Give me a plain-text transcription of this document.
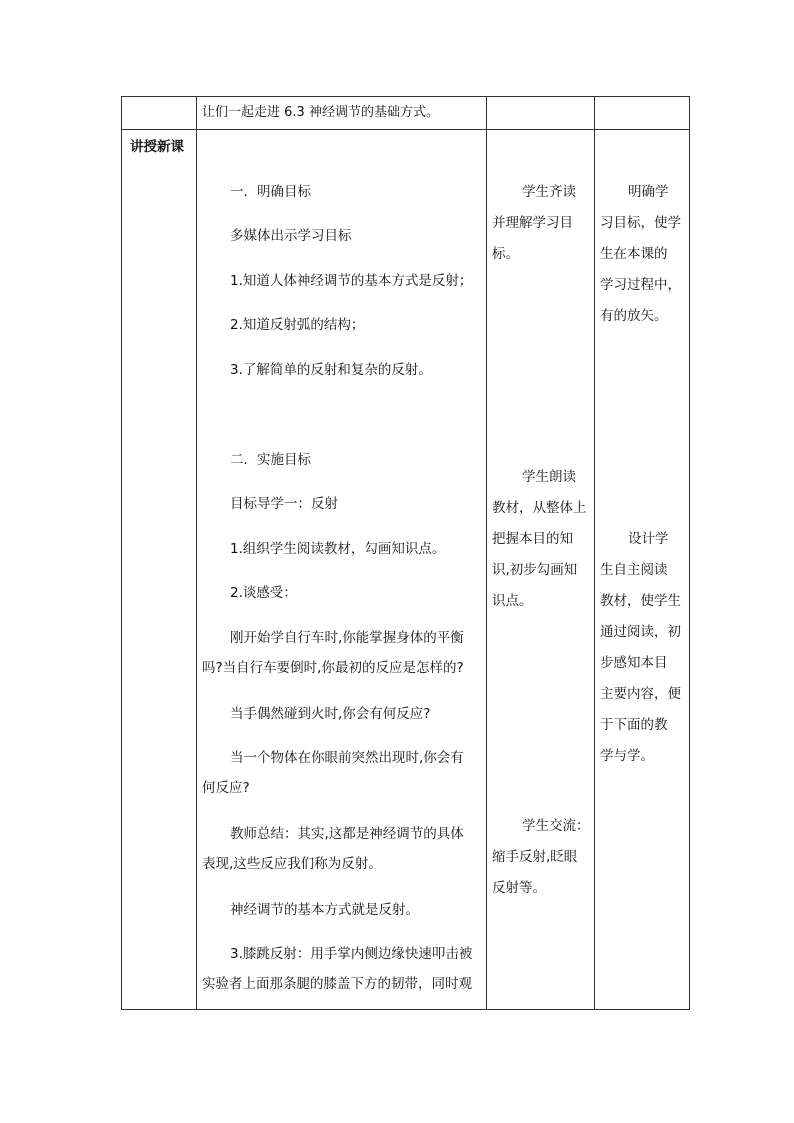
让们一起走进 6.3 神经调节的基础方式。
讲授新课
一．明确目标
多媒体出示学习目标
1.知道人体神经调节的基本方式是反射；
2.知道反射弧的结构；
3.了解简单的反射和复杂的反射。
二．实施目标
目标导学一：反射
1.组织学生阅读教材，勾画知识点。
2.谈感受：
刚开始学自行车时,你能掌握身体的平衡
吗?当自行车要倒时,你最初的反应是怎样的?
当手偶然碰到火时,你会有何反应?
当一个物体在你眼前突然出现时,你会有
何反应?
教师总结：其实,这都是神经调节的具体
表现,这些反应我们称为反射。
神经调节的基本方式就是反射。
3.膝跳反射：用手掌内侧边缘快速叩击被
实验者上面那条腿的膝盖下方的韧带，同时观
学生齐读
并理解学习目
标。
学生朗读
教材，从整体上
把握本目的知
识,初步勾画知
识点。
学生交流：
缩手反射,眨眼
反射等。
明确学
习目标，使学
生在本课的
学习过程中，
有的放矢。
设计学
生自主阅读
教材，使学生
通过阅读，初
步感知本目
主要内容，便
于下面的教
学与学。
